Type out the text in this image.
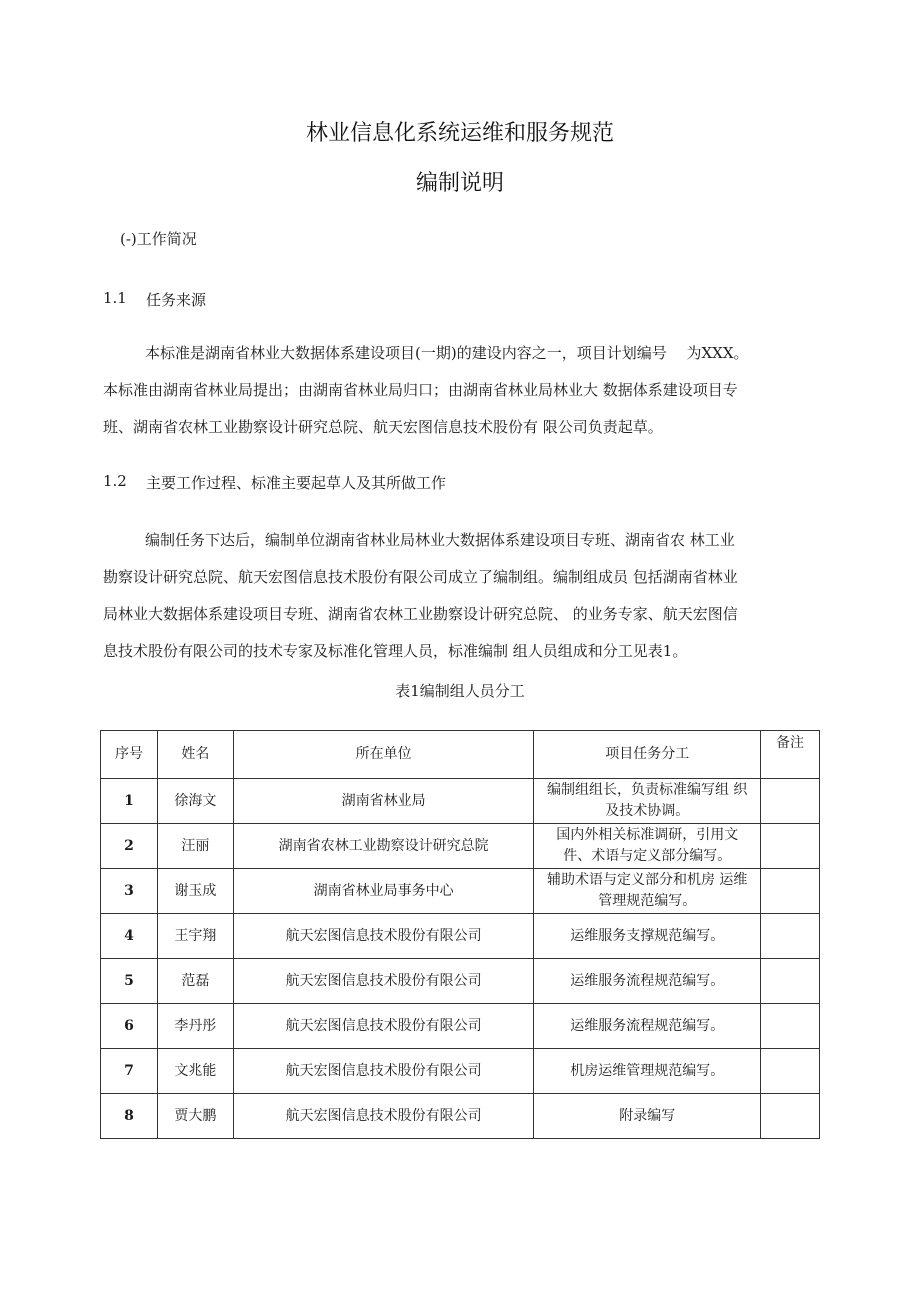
林业信息化系统运维和服务规范
编制说明
(-)工作简况
1.1 任务来源

本标准是湖南省林业大数据体系建设项目(一期)的建设内容之一，项目计划编号　 为XXX。

本标准由湖南省林业局提出；由湖南省林业局归口；由湖南省林业局林业大 数据体系建设项目专

班、湖南省农林工业勘察设计研究总院、航天宏图信息技术股份有 限公司负责起草。

1.2 主要工作过程、标准主要起草人及其所做工作

编制任务下达后，编制单位湖南省林业局林业大数据体系建设项目专班、湖南省农 林工业

勘察设计研究总院、航天宏图信息技术股份有限公司成立了编制组。编制组成员 包括湖南省林业

局林业大数据体系建设项目专班、湖南省农林工业勘察设计研究总院、 的业务专家、航天宏图信

息技术股份有限公司的技术专家及标准化管理人员，标准编制 组人员组成和分工见表1。

表1编制组人员分工
序号	姓名	所在单位	项目任务分工	备注
1	徐海文	湖南省林业局	编制组组长，负责标准编写组 织
及技术协调。	

2	汪丽	湖南省农林工业勘察设计研究总院	国内外相关标准调研，引用文
件、术语与定义部分编写。	

3	谢玉成	湖南省林业局事务中心	辅助术语与定义部分和机房 运维
管理规范编写。	

4	王宇翔	航天宏图信息技术股份有限公司	运维服务支撑规范编写。	

5	范磊	航天宏图信息技术股份有限公司	运维服务流程规范编写。	

6	李丹彤	航天宏图信息技术股份有限公司	运维服务流程规范编写。	

7	文兆能	航天宏图信息技术股份有限公司	机房运维管理规范编写。	

8	贾大鹏	航天宏图信息技术股份有限公司	附录编写	
